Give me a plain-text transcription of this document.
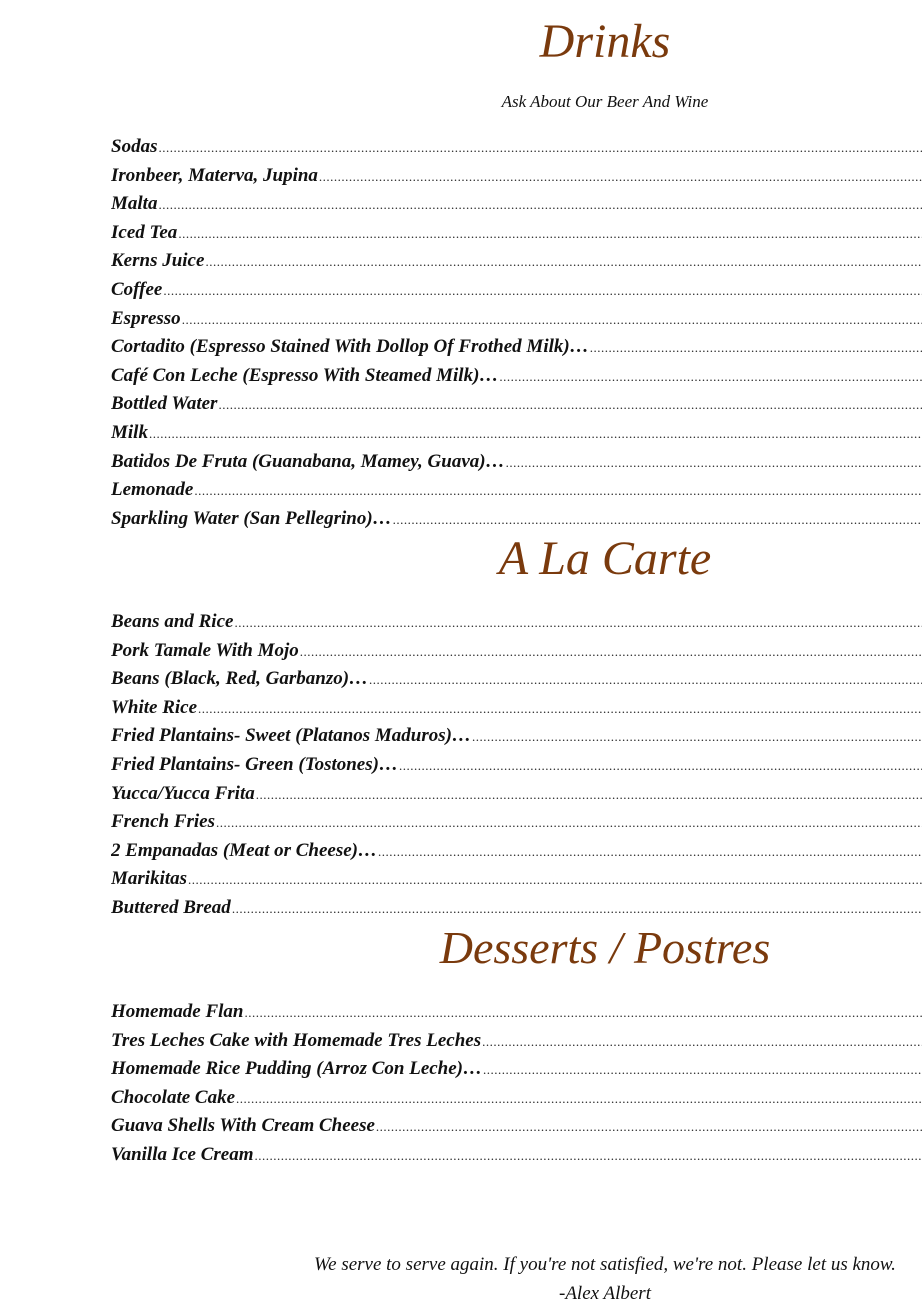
Drinks

Ask About Our Beer And Wine

Sodas
.....
Ironbeer, Materva, Jupina
.....
Malta
.....
Iced Tea
.....
Kerns Juice
.....
Coffee
.....
Espresso
.....
Cortadito (Espresso Stained With Dollop Of Frothed Milk)…
.....
Café Con Leche (Espresso With Steamed Milk)…
.....
Bottled Water
.....
Milk
.....
Batidos De Fruta (Guanabana, Mamey, Guava)…
.....
Lemonade
.....
Sparkling Water (San Pellegrino)…
.....
A La Carte
Beans and Rice
.....
Pork Tamale With Mojo
.....
Beans (Black, Red, Garbanzo)…
.....
White Rice
.....
Fried Plantains- Sweet (Platanos Maduros)…
.....
Fried Plantains- Green (Tostones)…
.....
Yucca/Yucca Frita
.....
French Fries
.....
2 Empanadas (Meat or Cheese)…
.....
Marikitas
.....
Buttered Bread
.....
Desserts / Postres
Homemade Flan
.....
Tres Leches Cake with Homemade Tres Leches
.....
Homemade Rice Pudding (Arroz Con Leche)…
.....
Chocolate Cake
.....
Guava Shells With Cream Cheese
.....
Vanilla Ice Cream
.....

We serve to serve again. If you're not satisfied, we're not. Please let us know.

-Alex Albert
